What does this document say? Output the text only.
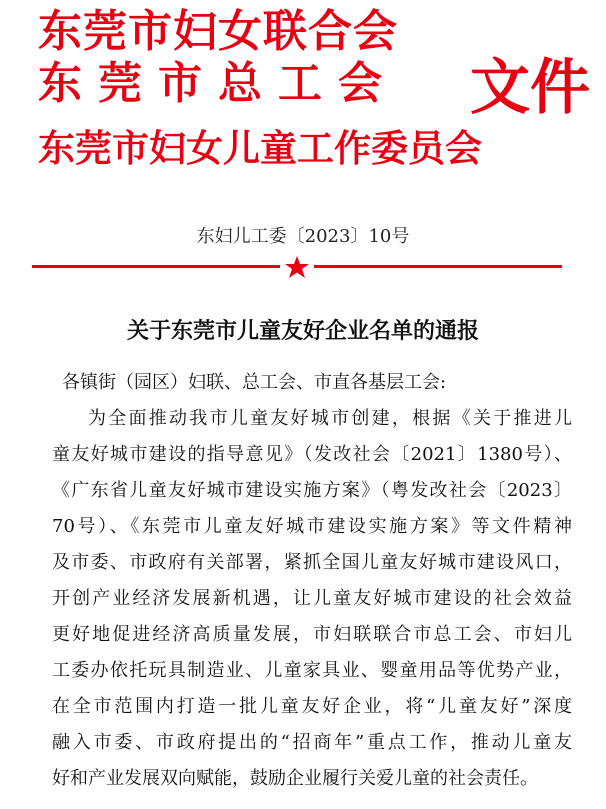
东莞市妇女联合会
东莞市总工会
东莞市妇女儿童工作委员会
文件
东妇儿工委〔2023〕10号
关于东莞市儿童友好企业名单的通报
各镇街（园区）妇联、总工会、市直各基层工会:
为全面推动我市儿童友好城市创建，根据《关于推进儿
童友好城市建设的指导意见》（发改社会〔2021〕1380号）、
《广东省儿童友好城市建设实施方案》（粤发改社会〔2023〕
70号）、《东莞市儿童友好城市建设实施方案》等文件精神
及市委、市政府有关部署，紧抓全国儿童友好城市建设风口，
开创产业经济发展新机遇，让儿童友好城市建设的社会效益
更好地促进经济高质量发展，市妇联联合市总工会、市妇儿
工委办依托玩具制造业、儿童家具业、婴童用品等优势产业，
在全市范围内打造一批儿童友好企业，将“儿童友好”深度
融入市委、市政府提出的“招商年”重点工作，推动儿童友
好和产业发展双向赋能，鼓励企业履行关爱儿童的社会责任。
